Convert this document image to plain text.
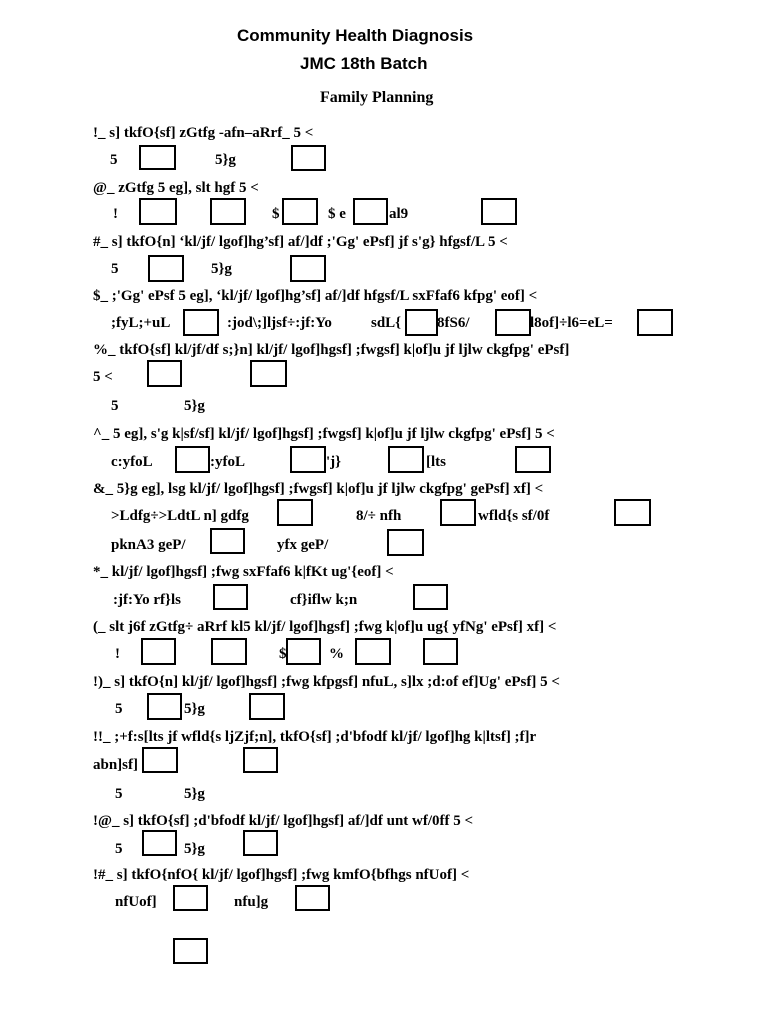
Community Health Diagnosis
JMC 18th Batch
Family Planning
!_ s] tkfO{sf] zGtfg -afn–aRrf_ 5 <
5	5}g
@_ zGtfg 5 eg], slt hgf 5 <
!	$	$ e	al9
#_ s] tkfO{n] ‘kl/jf/ lgof]hg’sf] af/]df ;'Gg' ePsf] jf s'g} hfgsf/L 5 <
5	5}g
$_ ;'Gg' ePsf 5 eg], ‘kl/jf/ lgof]hg’sf] af/]df hfgsf/L sxFfaf6 kfpg' eof] <
;fyL;+uL	:jod\;]ljsf÷:jf:Yo	sdL{ 8fS6/	l8of]÷l6=eL=
%_ tkfO{sf] kl/jf/df s;}n] kl/jf/ lgof]hgsf] ;fwgsf] k|of]u jf ljlw ckgfpg' ePsf]
5 <
5	5}g
^_ 5 eg], s'g k|sf/sf] kl/jf/ lgof]hgsf] ;fwgsf] k|of]u jf ljlw ckgfpg' ePsf] 5 <
c:yfoL	:yfoL	'j}	[lts
&_ 5}g eg], lsg kl/jf/ lgof]hgsf] ;fwgsf] k|of]u jf ljlw ckgfpg' gePsf] xf] <
>Ldfg÷>LdtL n] gdfg	8/÷ nfh	wfld{s sf/0f
pknA3 geP/	yfx geP/
*_ kl/jf/ lgof]hgsf] ;fwg sxFfaf6 k|fKt ug'{eof] <
:jf:Yo rf}ls	cf}iflw k;n
(_ slt j6f zGtfg÷ aRrf kl5 kl/jf/ lgof]hgsf] ;fwg k|of]u ug{ yfNg' ePsf] xf] <
!	$	%
!)_ s] tkfO{n] kl/jf/ lgof]hgsf] ;fwg kfpgsf] nfuL, s]lx ;d:of ef]Ug' ePsf] 5 <
5	5}g
!!_ ;+f:s[lts jf wfld{s ljZjf;n], tkfO{sf] ;d'bfodf kl/jf/ lgof]hg k|ltsf] ;f]r
abn]sf]
5	5}g
!@_ s] tkfO{sf] ;d'bfodf kl/jf/ lgof]hgsf] af/]df unt wf/0ff 5 <
5	5}g
!#_ s] tkfO{nfO{ kl/jf/ lgof]hgsf] ;fwg kmfO{bfhgs nfUof] <
nfUof]	nfu]g
